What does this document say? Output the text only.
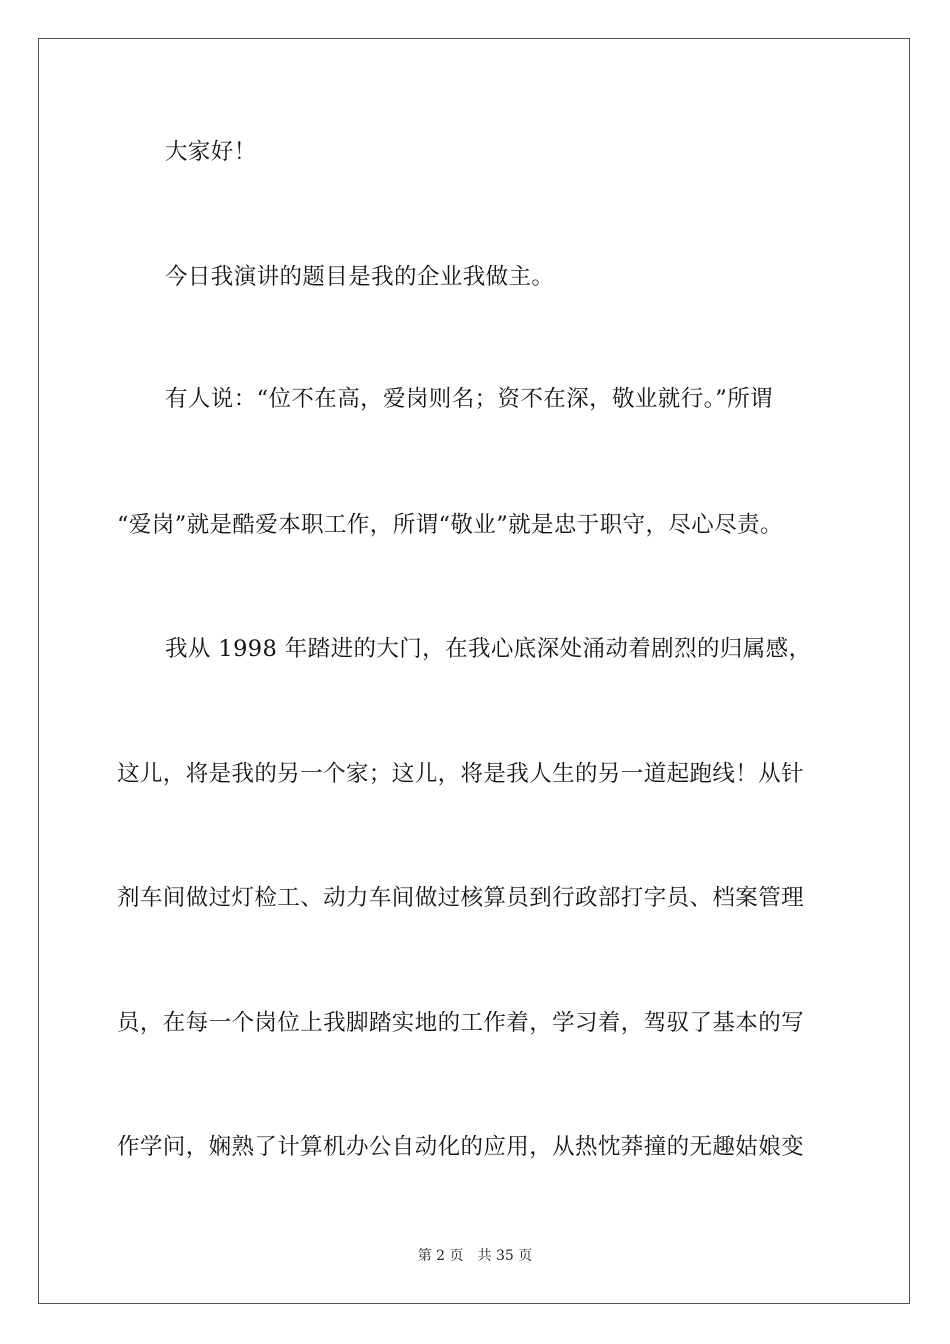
大家好！
今日我演讲的题目是我的企业我做主。
有人说：“位不在高，爱岗则名；资不在深，敬业就行。”所谓
“爱岗”就是酷爱本职工作，所谓“敬业”就是忠于职守，尽心尽责。
我从 1998 年踏进的大门，在我心底深处涌动着剧烈的归属感，
这儿，将是我的另一个家；这儿，将是我人生的另一道起跑线！从针
剂车间做过灯检工、动力车间做过核算员到行政部打字员、档案管理
员，在每一个岗位上我脚踏实地的工作着，学习着，驾驭了基本的写
作学问，娴熟了计算机办公自动化的应用，从热忱莽撞的无趣姑娘变
第 2 页 共 35 页
